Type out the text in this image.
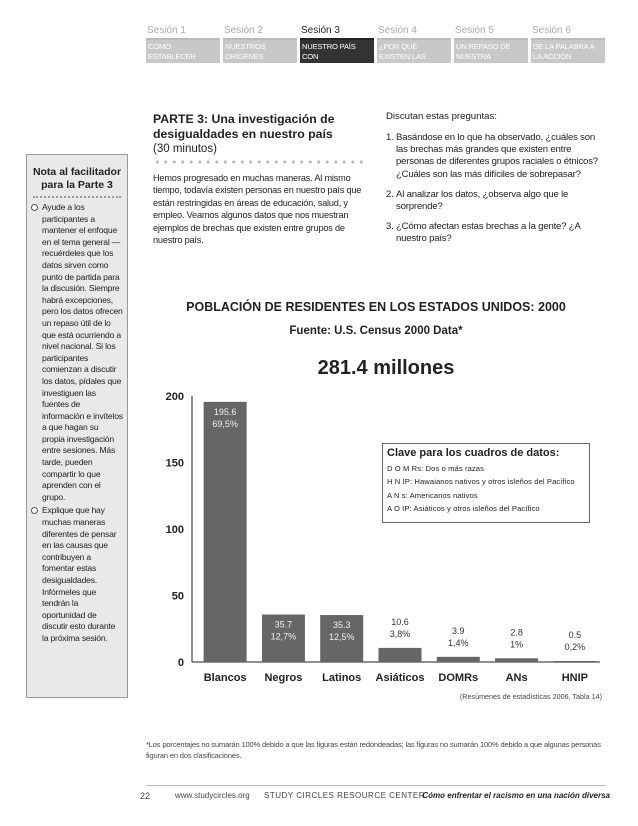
Sesión 1
CÓMO ESTABLECER CONEXIONES
Sesión 2
NUESTROS ORÍGENES ÉTNICOS Y RACIALES
Sesión 3
NUESTRO PAÍS CON DESIGUALDADES
Sesión 4
¿POR QUÉ EXISTEN LAS DESIGUALDADES?
Sesión 5
UN REPASO DE NUESTRA COMUNIDAD
Sesión 6
DE LA PALABRA A LA ACCIÓN
Nota al facilitador para la Parte 3
Ayude a los participantes a mantener el enfoque en el tema general — recuérdeles que los datos sirven como punto de partida para la discusión. Siempre habrá excepciones, pero los datos ofrecen un repaso útil de lo que está ocurriendo a nivel nacional. Si los participantes comienzan a discutir los datos, pídales que investiguen las fuentes de información e invítelos a que hagan su propia investigación entre sesiones. Más tarde, pueden compartir lo que aprenden con el grupo.
Explique que hay muchas maneras diferentes de pensar en las causas que contribuyen a fomentar estas desigualdades. Infórmeles que tendrán la oportunidad de discutir esto durante la próxima sesión.
PARTE 3: Una investigación de desigualdades en nuestro país
(30 minutos)
Hemos progresado en muchas maneras. Al mismo tiempo, todavía existen personas en nuestro país que están restringidas en áreas de educación, salud, y empleo. Veamos algunos datos que nos muestran ejemplos de brechas que existen entre grupos de nuestro país.
Discutan estas preguntas:
1. Basándose en lo que ha observado, ¿cuáles son las brechas más grandes que existen entre personas de diferentes grupos raciales o étnicos? ¿Cuáles son las más difíciles de sobrepasar?
2. Al analizar los datos, ¿observa algo que le sorprende?
3. ¿Cómo afectan estas brechas a la gente? ¿A nuestro país?
POBLACIÓN DE RESIDENTES EN LOS ESTADOS UNIDOS: 2000
Fuente: U.S. Census 2000 Data*
281.4 millones
0
50
100
150
200
195.6
69,5%
Blancos
35.7
12,7%
Negros
35.3
12,5%
Latinos
10.6
3,8%
Asiáticos
3.9
1,4%
DOMRs
2.8
1%
ANs
0.5
0,2%
HNIP
Clave para los cuadros de datos:
D O M Rs: Dos o más razas
H N IP: Hawaianos nativos y otros isleños del Pacífico
A N s: Americanos nativos
A O IP: Asiáticos y otros isleños del Pacífico
(Resúmenes de estadísticas 2006, Tabla 14)
*Los porcentajes no sumarán 100% debido a que las figuras están redondeadas; las figuras no sumarán 100% debido a que algunas personas figuran en dos clasificaciones.
22	www.studycircles.org STUDY CIRCLES RESOURCE CENTER
Cómo enfrentar el racismo en una nación diversa
